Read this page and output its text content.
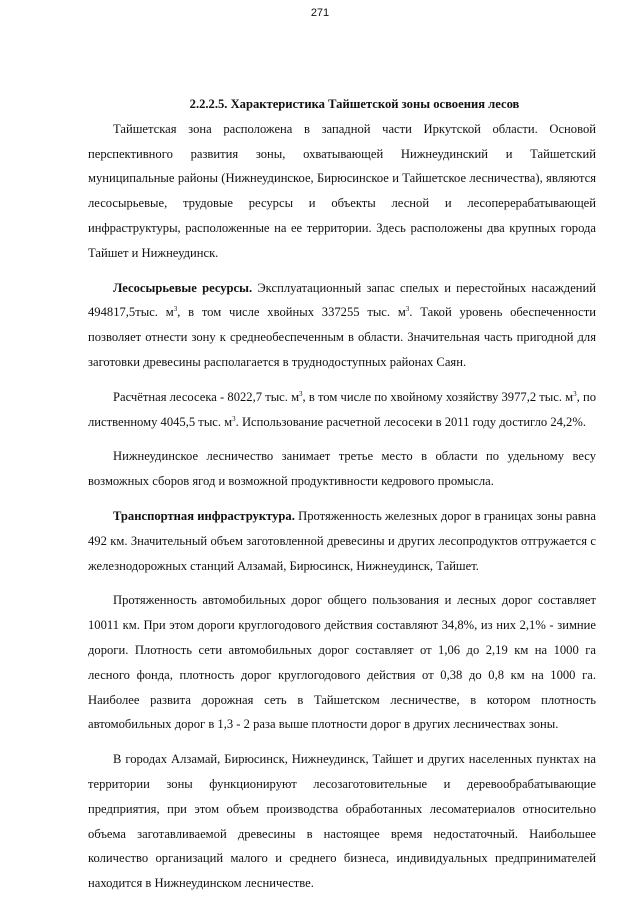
271

2.2.2.5. Характеристика Тайшетской зоны освоения лесов

Тайшетская зона расположена в западной части Иркутской области. Основой перспективного развития зоны, охватывающей Нижнеудинский и Тайшетский муниципальные районы (Нижнеудинское, Бирюсинское и Тайшетское лесничества), являются лесосырьевые, трудовые ресурсы и объекты лесной и лесоперерабатывающей инфраструктуры, расположенные на ее территории. Здесь расположены два крупных города Тайшет и Нижнеудинск.

Лесосырьевые ресурсы. Эксплуатационный запас спелых и перестойных насаждений 494817,5тыс. $м^3$, в том числе хвойных 337255 тыс. $м^3$. Такой уровень обеспеченности позволяет отнести зону к среднеобеспеченным в области. Значительная часть пригодной для заготовки древесины располагается в труднодоступных районах Саян.

Расчётная лесосека - 8022,7 тыс. $м^3$, в том числе по хвойному хозяйству 3977,2 тыс. $м^3$, по лиственному 4045,5 тыс. $м^3$. Использование расчетной лесосеки в 2011 году достигло 24,2%.

Нижнеудинское лесничество занимает третье место в области по удельному весу возможных сборов ягод и возможной продуктивности кедрового промысла.

Транспортная инфраструктура. Протяженность железных дорог в границах зоны равна 492 км. Значительный объем заготовленной древесины и других лесопродуктов отгружается с железнодорожных станций Алзамай, Бирюсинск, Нижнеудинск, Тайшет.

Протяженность автомобильных дорог общего пользования и лесных дорог составляет 10011 км. При этом дороги круглогодового действия составляют 34,8%, из них 2,1% - зимние дороги. Плотность сети автомобильных дорог составляет от 1,06 до 2,19 км на 1000 га лесного фонда, плотность дорог круглогодового действия от 0,38 до 0,8 км на 1000 га. Наиболее развита дорожная сеть в Тайшетском лесничестве, в котором плотность автомобильных дорог в 1,3 - 2 раза выше плотности дорог в других лесничествах зоны.

В городах Алзамай, Бирюсинск, Нижнеудинск, Тайшет и других населенных пунктах на территории зоны функционируют лесозаготовительные и деревообрабатывающие предприятия, при этом объем производства обработанных лесоматериалов относительно объема заготавливаемой древесины в настоящее время недостаточный. Наибольшее количество организаций малого и среднего бизнеса, индивидуальных предпринимателей находится в Нижнеудинском лесничестве.
